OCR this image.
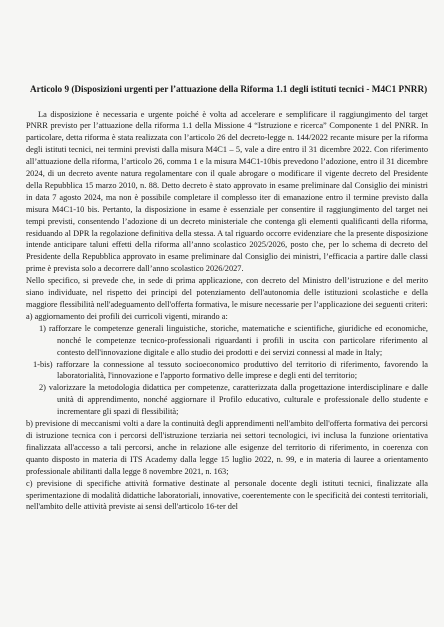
Articolo 9 (Disposizioni urgenti per l’attuazione della Riforma 1.1 degli istituti tecnici - M4C1 PNRR)

La disposizione è necessaria e urgente poiché è volta ad accelerare e semplificare il raggiungimento del target PNRR previsto per l’attuazione della riforma 1.1 della Missione 4 “Istruzione e ricerca” Componente 1 del PNRR. In particolare, detta riforma è stata realizzata con l’articolo 26 del decreto-legge n. 144/2022 recante misure per la riforma degli istituti tecnici, nei termini previsti dalla misura M4C1 – 5, vale a dire entro il 31 dicembre 2022. Con riferimento all’attuazione della riforma, l’articolo 26, comma 1 e la misura M4C1-10bis prevedono l’adozione, entro il 31 dicembre 2024, di un decreto avente natura regolamentare con il quale abrogare o modificare il vigente decreto del Presidente della Repubblica 15 marzo 2010, n. 88. Detto decreto è stato approvato in esame preliminare dal Consiglio dei ministri in data 7 agosto 2024, ma non è possibile completare il complesso iter di emanazione entro il termine previsto dalla misura M4C1-10 bis. Pertanto, la disposizione in esame è essenziale per consentire il raggiungimento del target nei tempi previsti, consentendo l’adozione di un decreto ministeriale che contenga gli elementi qualificanti della riforma, residuando al DPR la regolazione definitiva della stessa. A tal riguardo occorre evidenziare che la presente disposizione intende anticipare taluni effetti della riforma all’anno scolastico 2025/2026, posto che, per lo schema di decreto del Presidente della Repubblica approvato in esame preliminare dal Consiglio dei ministri, l’efficacia a partire dalle classi prime è prevista solo a decorrere dall’anno scolastico 2026/2027.

Nello specifico, si prevede che, in sede di prima applicazione, con decreto del Ministro dell’istruzione e del merito siano individuate, nel rispetto dei principi del potenziamento dell'autonomia delle istituzioni scolastiche e della maggiore flessibilità nell'adeguamento dell'offerta formativa, le misure necessarie per l’applicazione dei seguenti criteri:

a) aggiornamento dei profili dei curricoli vigenti, mirando a:

1) rafforzare le competenze generali linguistiche, storiche, matematiche e scientifiche, giuridiche ed economiche, nonché le competenze tecnico-professionali riguardanti i profili in uscita con particolare riferimento al contesto dell'innovazione digitale e allo studio dei prodotti e dei servizi connessi al made in Italy;

1-bis) rafforzare la connessione al tessuto socioeconomico produttivo del territorio di riferimento, favorendo la laboratorialità, l'innovazione e l'apporto formativo delle imprese e degli enti del territorio;

2) valorizzare la metodologia didattica per competenze, caratterizzata dalla progettazione interdisciplinare e dalle unità di apprendimento, nonché aggiornare il Profilo educativo, culturale e professionale dello studente e incrementare gli spazi di flessibilità;

b) previsione di meccanismi volti a dare la continuità degli apprendimenti nell'ambito dell'offerta formativa dei percorsi di istruzione tecnica con i percorsi dell'istruzione terziaria nei settori tecnologici, ivi inclusa la funzione orientativa finalizzata all'accesso a tali percorsi, anche in relazione alle esigenze del territorio di riferimento, in coerenza con quanto disposto in materia di ITS Academy dalla legge 15 luglio 2022, n. 99, e in materia di lauree a orientamento professionale abilitanti dalla legge 8 novembre 2021, n. 163;

c) previsione di specifiche attività formative destinate al personale docente degli istituti tecnici, finalizzate alla sperimentazione di modalità didattiche laboratoriali, innovative, coerentemente con le specificità dei contesti territoriali, nell'ambito delle attività previste ai sensi dell'articolo 16-ter del
